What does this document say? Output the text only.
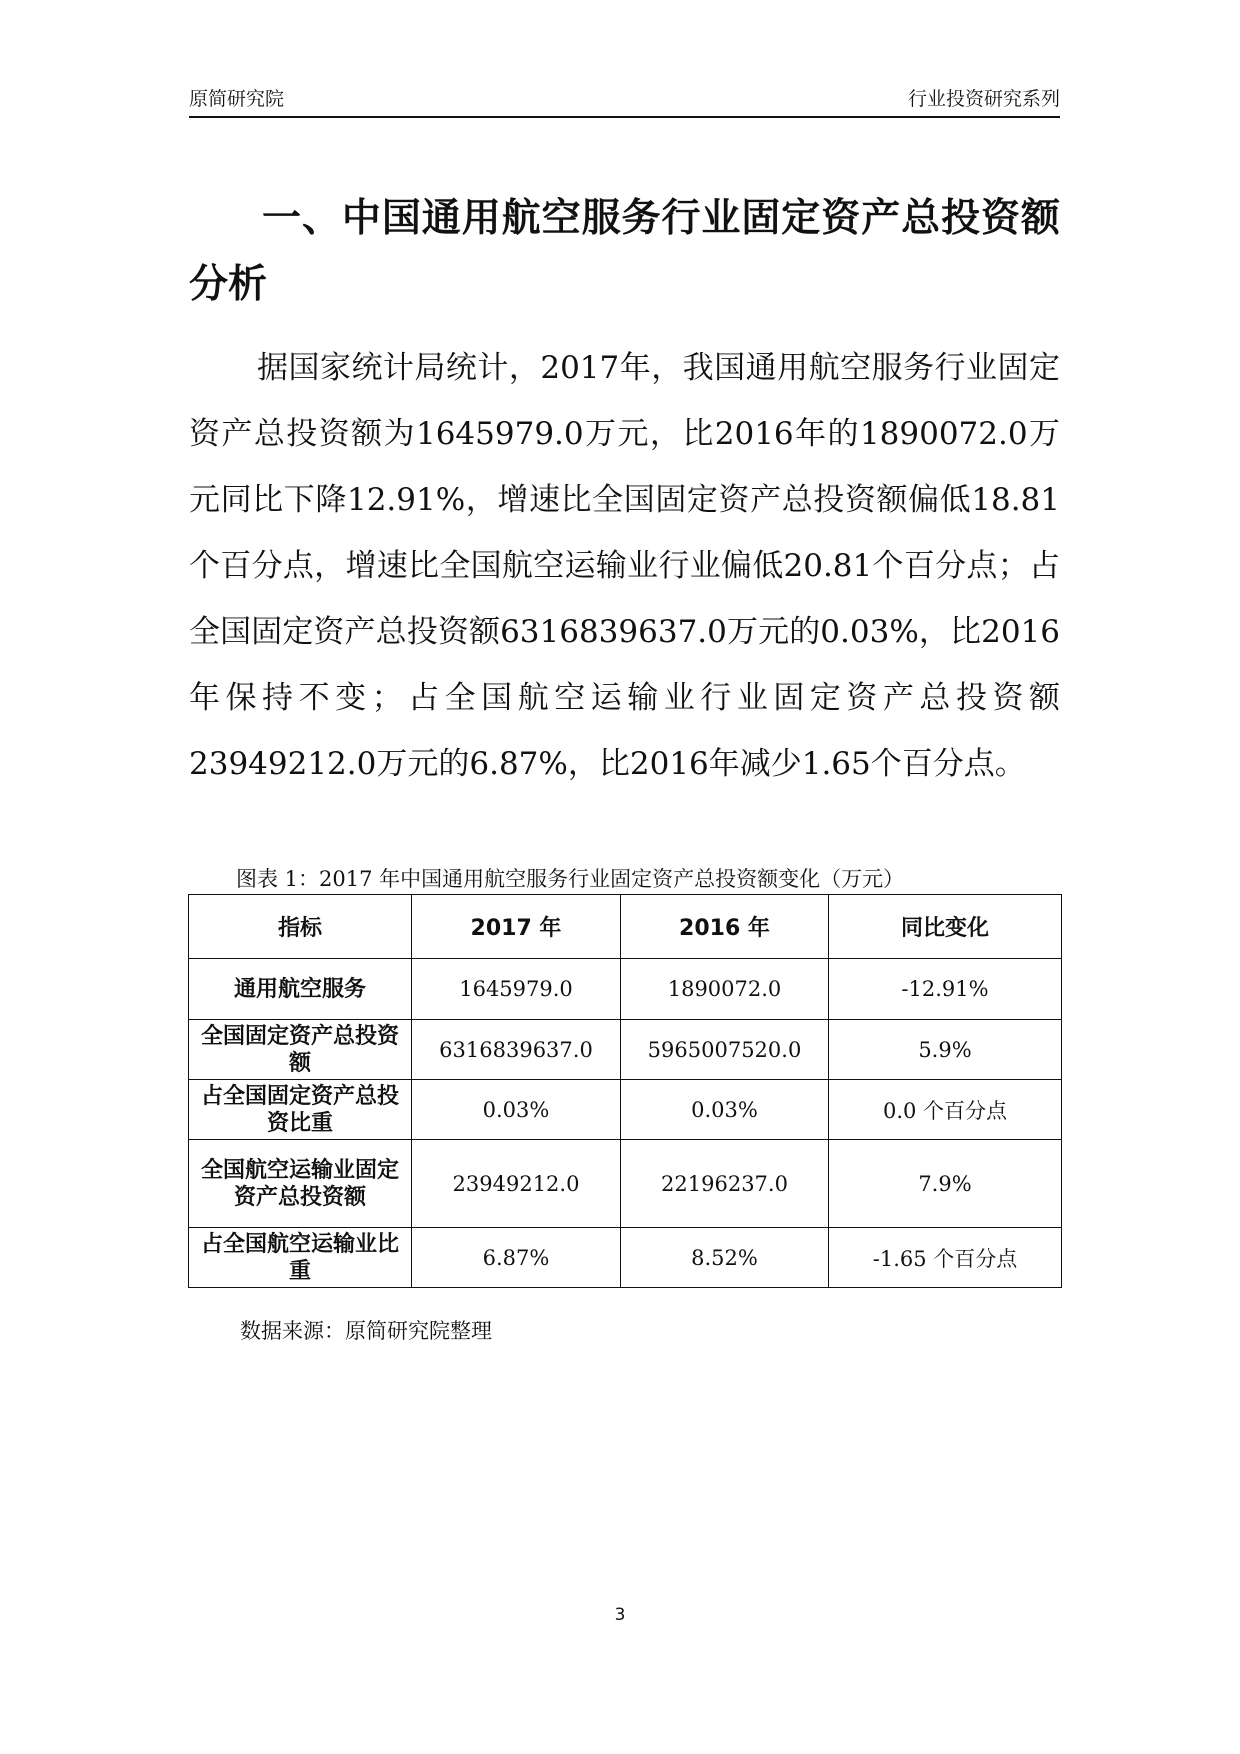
原简研究院	行业投资研究系列
一、中国通用航空服务行业固定资产总投资额分析

据国家统计局统计，2017年，我国通用航空服务行业固定资产总投资额为1645979.0万元，比2016年的1890072.0万元同比下降12.91%，增速比全国固定资产总投资额偏低18.81个百分点，增速比全国航空运输业行业偏低20.81个百分点；占全国固定资产总投资额6316839637.0万元的0.03%，比2016年保持不变；占全国航空运输业行业固定资产总投资额23949212.0万元的6.87%，比2016年减少1.65个百分点。

图表 1：2017 年中国通用航空服务行业固定资产总投资额变化（万元）
指标	2017 年	2016 年	同比变化
通用航空服务	1645979.0	1890072.0	-12.91%
全国固定资产总投资额	6316839637.0	5965007520.0	5.9%
占全国固定资产总投资比重	0.03%	0.03%	0.0 个百分点
全国航空运输业固定资产总投资额	23949212.0	22196237.0	7.9%
占全国航空运输业比重	6.87%	8.52%	-1.65 个百分点
数据来源：原简研究院整理
3
